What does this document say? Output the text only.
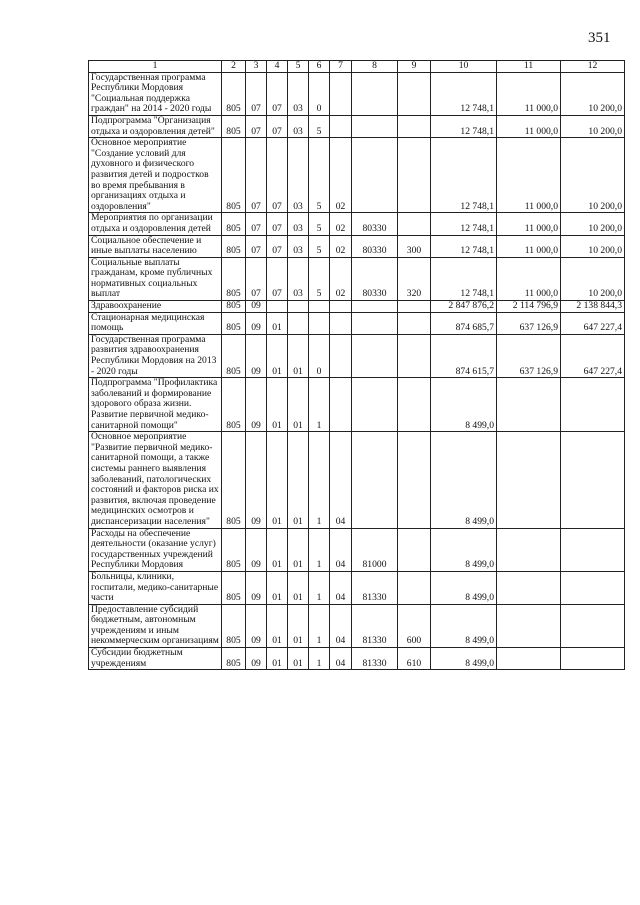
351
1	2	3	4	5	6	7	8	9	10	11	12
Государственная программа Республики Мордовия "Социальная поддержка граждан" на 2014 - 2020 годы	805	07	07	03	0				12 748,1	11 000,0	10 200,0
Подпрограмма "Организация отдыха и оздоровления детей"	805	07	07	03	5				12 748,1	11 000,0	10 200,0
Основное мероприятие "Создание условий для духовного и физического развития детей и подростков во время пребывания в организациях отдыха и оздоровления"	805	07	07	03	5	02			12 748,1	11 000,0	10 200,0
Мероприятия по организации отдыха и оздоровления детей	805	07	07	03	5	02	80330		12 748,1	11 000,0	10 200,0
Социальное обеспечение и иные выплаты населению	805	07	07	03	5	02	80330	300	12 748,1	11 000,0	10 200,0
Социальные выплаты гражданам, кроме публичных нормативных социальных выплат	805	07	07	03	5	02	80330	320	12 748,1	11 000,0	10 200,0
Здравоохранение	805	09							2 847 876,2	2 114 796,9	2 138 844,3
Стационарная медицинская помощь	805	09	01						874 685,7	637 126,9	647 227,4
Государственная программа развития здравоохранения Республики Мордовия на 2013 - 2020 годы	805	09	01	01	0				874 615,7	637 126,9	647 227,4
Подпрограмма "Профилактика заболеваний и формирование здорового образа жизни. Развитие первичной медико-санитарной помощи"	805	09	01	01	1				8 499,0		
Основное мероприятие "Развитие первичной медико-санитарной помощи, а также системы раннего выявления заболеваний, патологических состояний и факторов риска их развития, включая проведение медицинских осмотров и диспансеризации населения"	805	09	01	01	1	04			8 499,0		
Расходы на обеспечение деятельности (оказание услуг) государственных учреждений Республики Мордовия	805	09	01	01	1	04	81000		8 499,0		
Больницы, клиники, госпитали, медико-санитарные части	805	09	01	01	1	04	81330		8 499,0		
Предоставление субсидий бюджетным, автономным учреждениям и иным некоммерческим организациям	805	09	01	01	1	04	81330	600	8 499,0		
Субсидии бюджетным учреждениям	805	09	01	01	1	04	81330	610	8 499,0		
